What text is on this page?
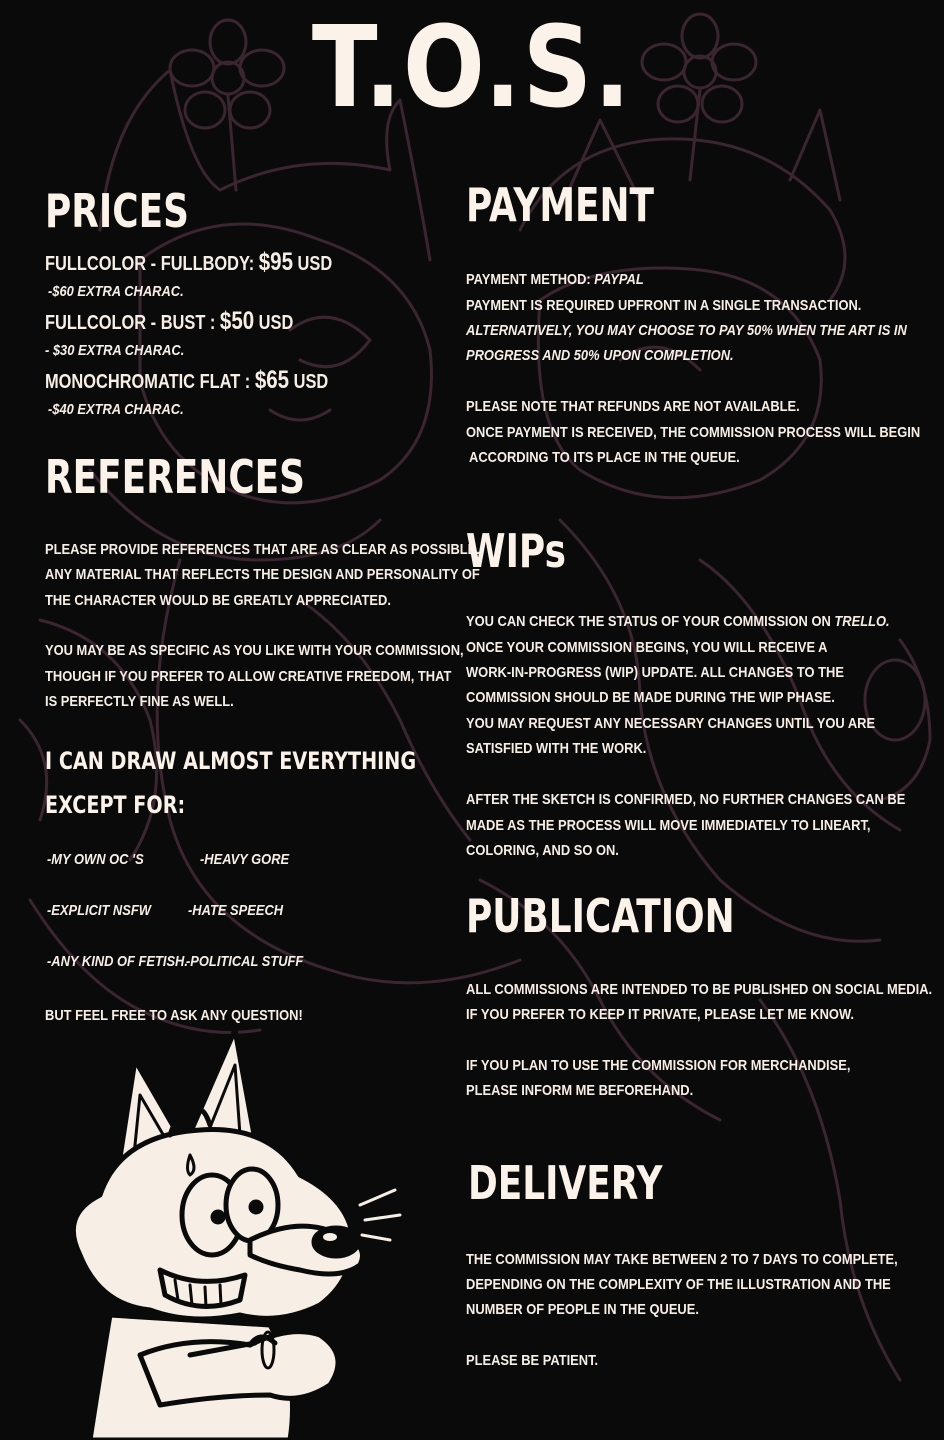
T.O.S.
PRICES
FULLCOLOR - FULLBODY: $95 USD
-$60 EXTRA CHARAC.
FULLCOLOR - BUST : $50 USD
- $30 EXTRA CHARAC.
MONOCHROMATIC FLAT : $65 USD
-$40 EXTRA CHARAC.
REFERENCES
PLEASE PROVIDE REFERENCES THAT ARE AS CLEAR AS POSSIBLE.
ANY MATERIAL THAT REFLECTS THE DESIGN AND PERSONALITY OF
THE CHARACTER WOULD BE GREATLY APPRECIATED.
YOU MAY BE AS SPECIFIC AS YOU LIKE WITH YOUR COMMISSION,
THOUGH IF YOU PREFER TO ALLOW CREATIVE FREEDOM, THAT
IS PERFECTLY FINE AS WELL.
I CAN DRAW ALMOST EVERYTHING
EXCEPT FOR:
-MY OWN OC 'S	-HEAVY GORE
-EXPLICIT NSFW -HATE SPEECH
-ANY KIND OF FETISH.
-POLITICAL STUFF
BUT FEEL FREE TO ASK ANY QUESTION!
PAYMENT
PAYMENT METHOD: PAYPAL
PAYMENT IS REQUIRED UPFRONT IN A SINGLE TRANSACTION.
ALTERNATIVELY, YOU MAY CHOOSE TO PAY 50% WHEN THE ART IS IN
PROGRESS AND 50% UPON COMPLETION.
PLEASE NOTE THAT REFUNDS ARE NOT AVAILABLE.
ONCE PAYMENT IS RECEIVED, THE COMMISSION PROCESS WILL BEGIN
ACCORDING TO ITS PLACE IN THE QUEUE.
WIPs
YOU CAN CHECK THE STATUS OF YOUR COMMISSION ON TRELLO.
ONCE YOUR COMMISSION BEGINS, YOU WILL RECEIVE A
WORK-IN-PROGRESS (WIP) UPDATE. ALL CHANGES TO THE
COMMISSION SHOULD BE MADE DURING THE WIP PHASE.
YOU MAY REQUEST ANY NECESSARY CHANGES UNTIL YOU ARE
SATISFIED WITH THE WORK.
AFTER THE SKETCH IS CONFIRMED, NO FURTHER CHANGES CAN BE
MADE AS THE PROCESS WILL MOVE IMMEDIATELY TO LINEART,
COLORING, AND SO ON.
PUBLICATION
ALL COMMISSIONS ARE INTENDED TO BE PUBLISHED ON SOCIAL MEDIA.
IF YOU PREFER TO KEEP IT PRIVATE, PLEASE LET ME KNOW.
IF YOU PLAN TO USE THE COMMISSION FOR MERCHANDISE,
PLEASE INFORM ME BEFOREHAND.
DELIVERY
THE COMMISSION MAY TAKE BETWEEN 2 TO 7 DAYS TO COMPLETE,
DEPENDING ON THE COMPLEXITY OF THE ILLUSTRATION AND THE
NUMBER OF PEOPLE IN THE QUEUE.
PLEASE BE PATIENT.
